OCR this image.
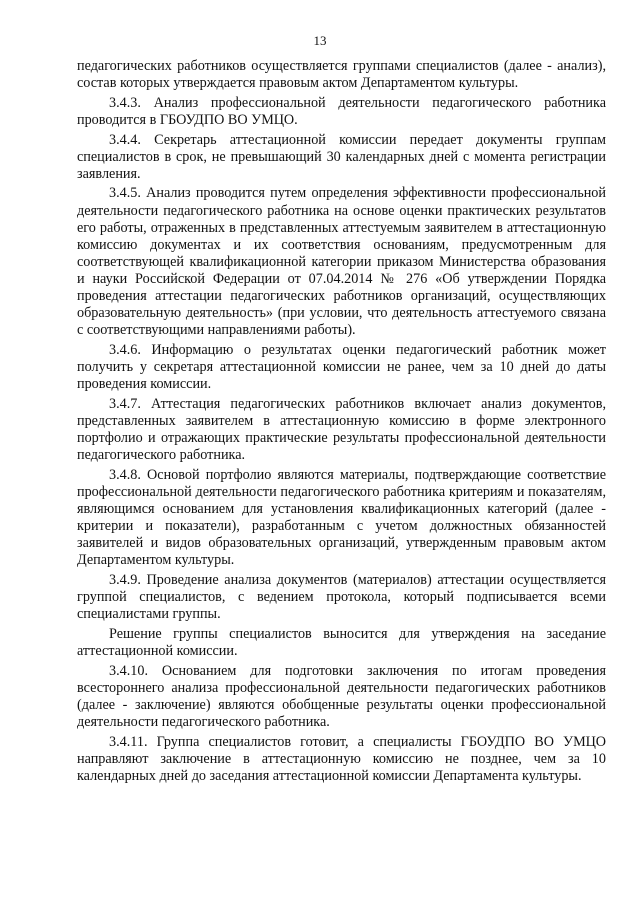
13

педагогических работников осуществляется группами специалистов (далее - анализ), состав которых утверждается правовым актом Департаментом культуры.

3.4.3. Анализ профессиональной деятельности педагогического работника проводится в ГБОУДПО ВО УМЦО.

3.4.4. Секретарь аттестационной комиссии передает документы группам специалистов в срок, не превышающий 30 календарных дней с момента регистрации заявления.

3.4.5. Анализ проводится путем определения эффективности профессиональной деятельности педагогического работника на основе оценки практических результатов его работы, отраженных в представленных аттестуемым заявителем в аттестационную комиссию документах и их соответствия основаниям, предусмотренным для соответствующей квалификационной категории приказом Министерства образования и науки Российской Федерации от 07.04.2014 № 276 «Об утверждении Порядка проведения аттестации педагогических работников организаций, осуществляющих образовательную деятельность» (при условии, что деятельность аттестуемого связана с соответствующими направлениями работы).

3.4.6. Информацию о результатах оценки педагогический работник может получить у секретаря аттестационной комиссии не ранее, чем за 10 дней до даты проведения комиссии.

3.4.7. Аттестация педагогических работников включает анализ документов, представленных заявителем в аттестационную комиссию в форме электронного портфолио и отражающих практические результаты профессиональной деятельности педагогического работника.

3.4.8. Основой портфолио являются материалы, подтверждающие соответствие профессиональной деятельности педагогического работника критериям и показателям, являющимся основанием для установления квалификационных категорий (далее - критерии и показатели), разработанным с учетом должностных обязанностей заявителей и видов образовательных организаций, утвержденным правовым актом Департаментом культуры.

3.4.9. Проведение анализа документов (материалов) аттестации осуществляется группой специалистов, с ведением протокола, который подписывается всеми специалистами группы.

Решение группы специалистов выносится для утверждения на заседание аттестационной комиссии.

3.4.10. Основанием для подготовки заключения по итогам проведения всестороннего анализа профессиональной деятельности педагогических работников (далее - заключение) являются обобщенные результаты оценки профессиональной деятельности педагогического работника.

3.4.11. Группа специалистов готовит, а специалисты ГБОУДПО ВО УМЦО направляют заключение в аттестационную комиссию не позднее, чем за 10 календарных дней до заседания аттестационной комиссии Департамента культуры.
